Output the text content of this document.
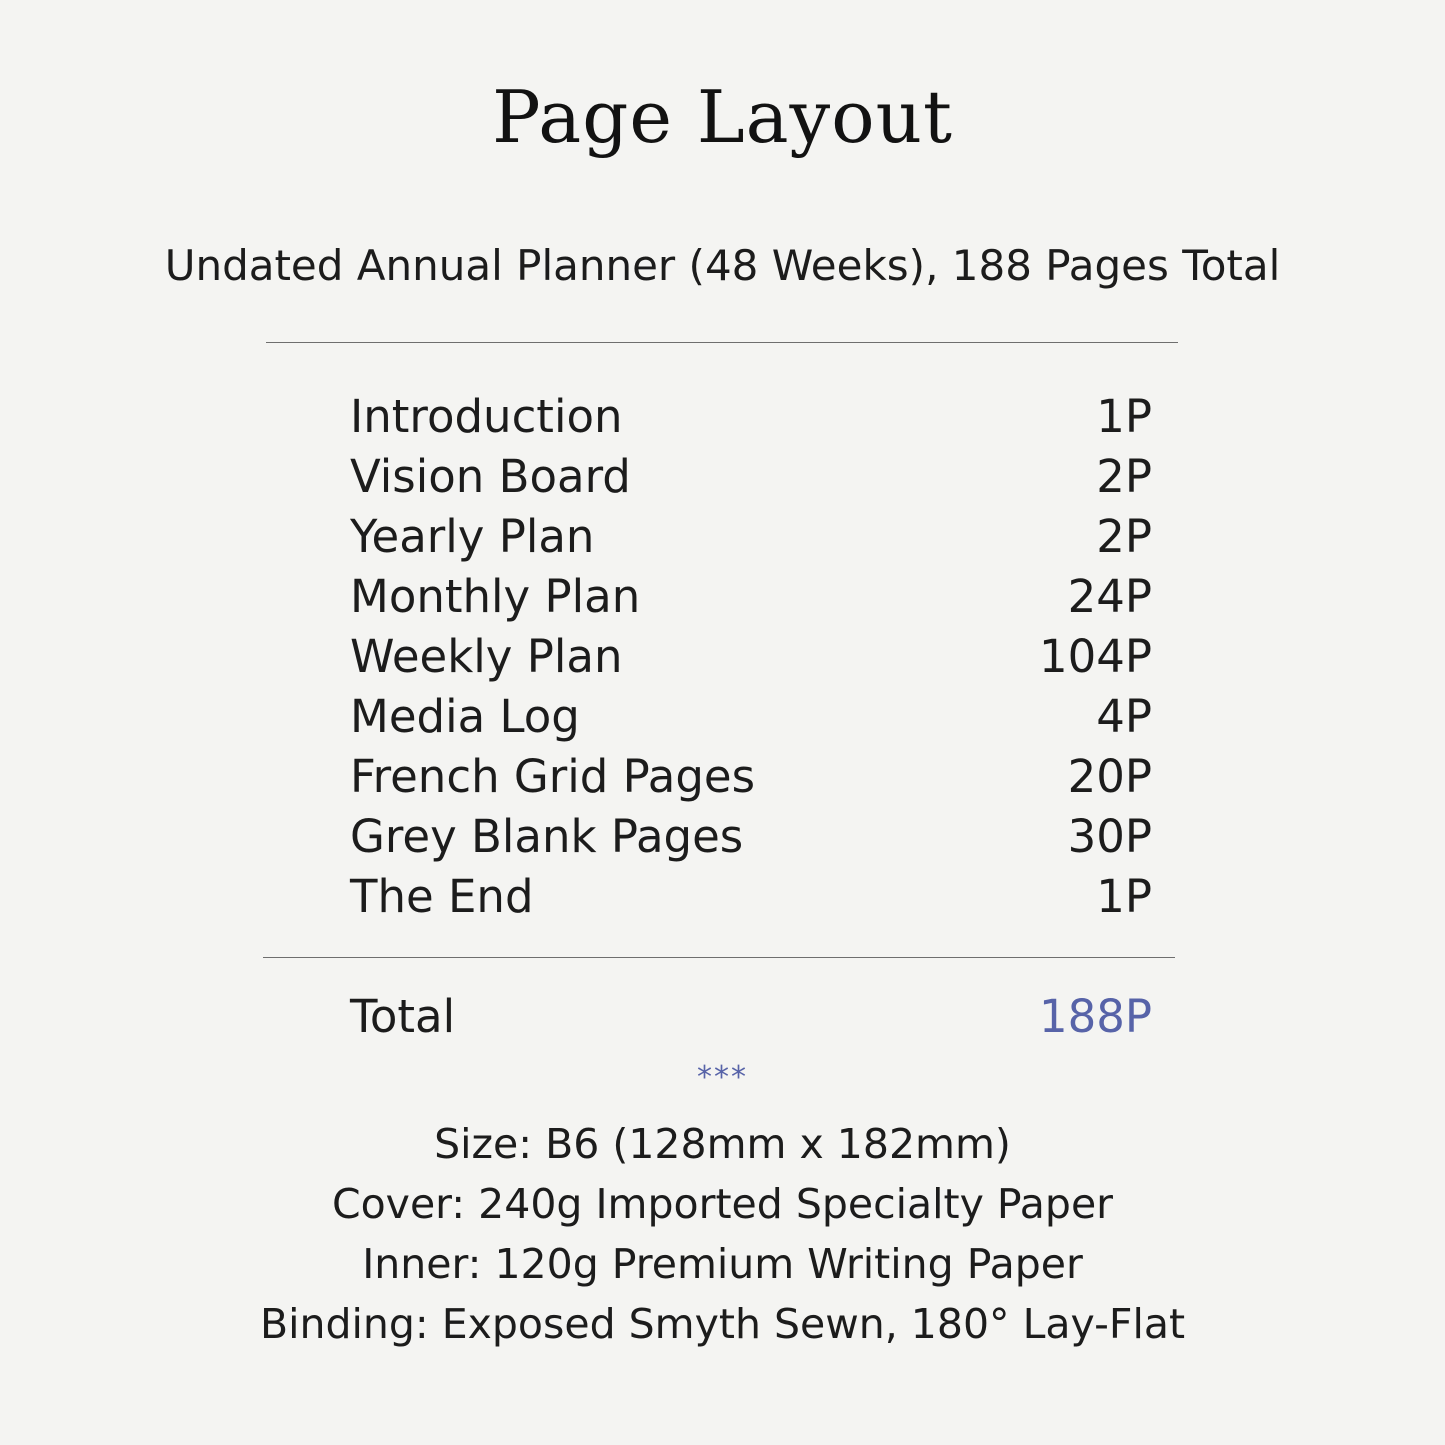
Page Layout
Undated Annual Planner (48 Weeks), 188 Pages Total
Introduction	1P
Vision Board	2P
Yearly Plan	2P
Monthly Plan	24P
Weekly Plan	104P
Media Log	4P
French Grid Pages	20P
Grey Blank Pages	30P
The End	1P
Total	188P
***
Size: B6 (128mm x 182mm)
Cover: 240g Imported Specialty Paper
Inner: 120g Premium Writing Paper
Binding: Exposed Smyth Sewn, 180° Lay-Flat
